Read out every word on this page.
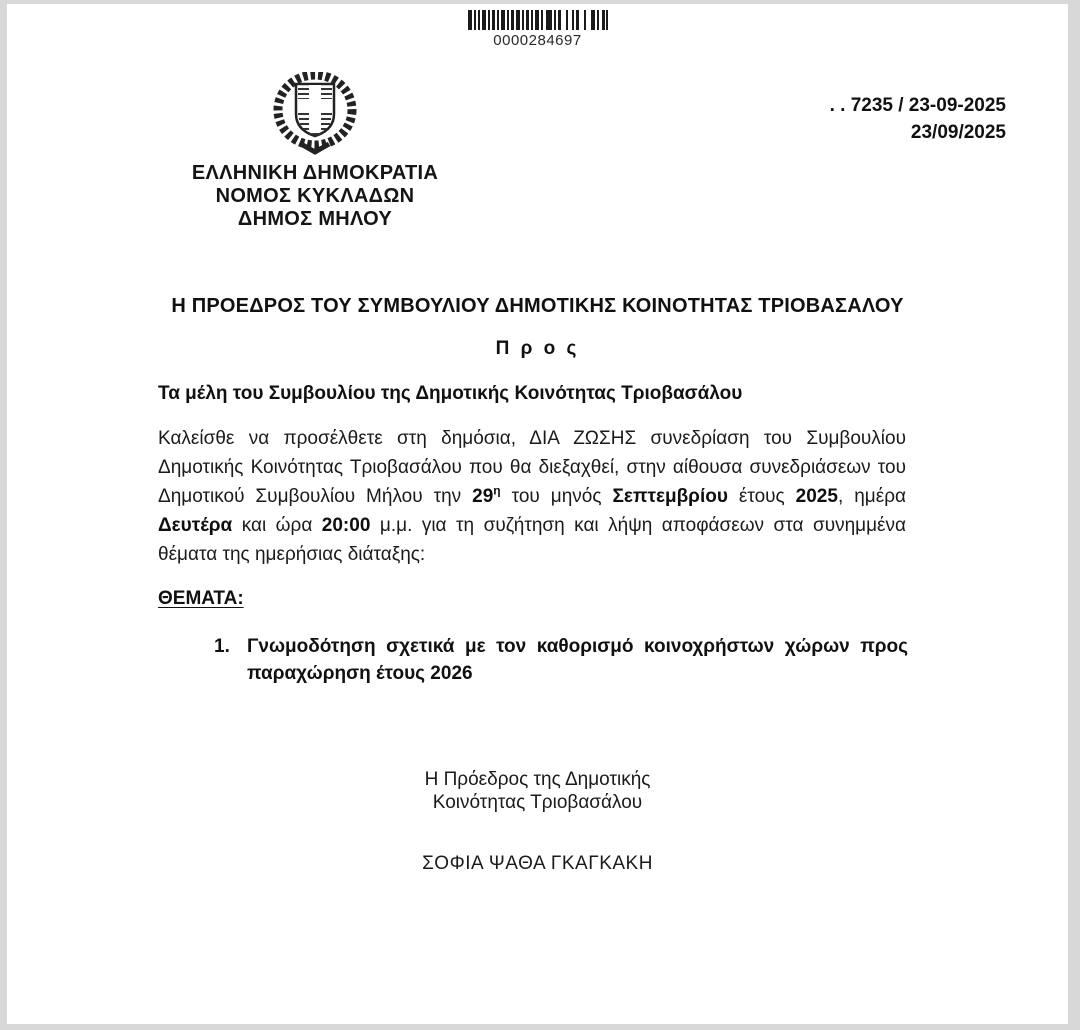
0000284697
ΕΛΛΗΝΙΚΗ ΔΗΜΟΚΡΑΤΙΑ
ΝΟΜΟΣ ΚΥΚΛΑΔΩΝ
ΔΗΜΟΣ ΜΗΛΟΥ
. . 7235 / 23-09-2025
23/09/2025
Η ΠΡΟΕΔΡΟΣ ΤΟΥ ΣΥΜΒΟΥΛΙΟΥ ΔΗΜΟΤΙΚΗΣ ΚΟΙΝΟΤΗΤΑΣ ΤΡΙΟΒΑΣΑΛΟΥ
Π ρ ο ς
Τα μέλη του Συμβουλίου της Δημοτικής Κοινότητας Τριοβασάλου

Καλείσθε να προσέλθετε στη δημόσια, ΔΙΑ ΖΩΣΗΣ συνεδρίαση του Συμβουλίου Δημοτικής Κοινότητας Τριοβασάλου που θα διεξαχθεί, στην αίθουσα συνεδριάσεων του Δημοτικού Συμβουλίου Μήλου την $29^\eta$ του μηνός Σεπτεμβρίου έτους 2025, ημέρα Δευτέρα και ώρα 20:00 μ.μ. για τη συζήτηση και λήψη αποφάσεων στα συνημμένα θέματα της ημερήσιας διάταξης:

ΘΕΜΑΤΑ:
1. Γνωμοδότηση σχετικά με τον καθορισμό κοινοχρήστων χώρων προς παραχώρηση έτους 2026
Η Πρόεδρος της Δημοτικής
Κοινότητας Τριοβασάλου
ΣΟΦΙΑ ΨΑΘΑ ΓΚΑΓΚΑΚΗ
